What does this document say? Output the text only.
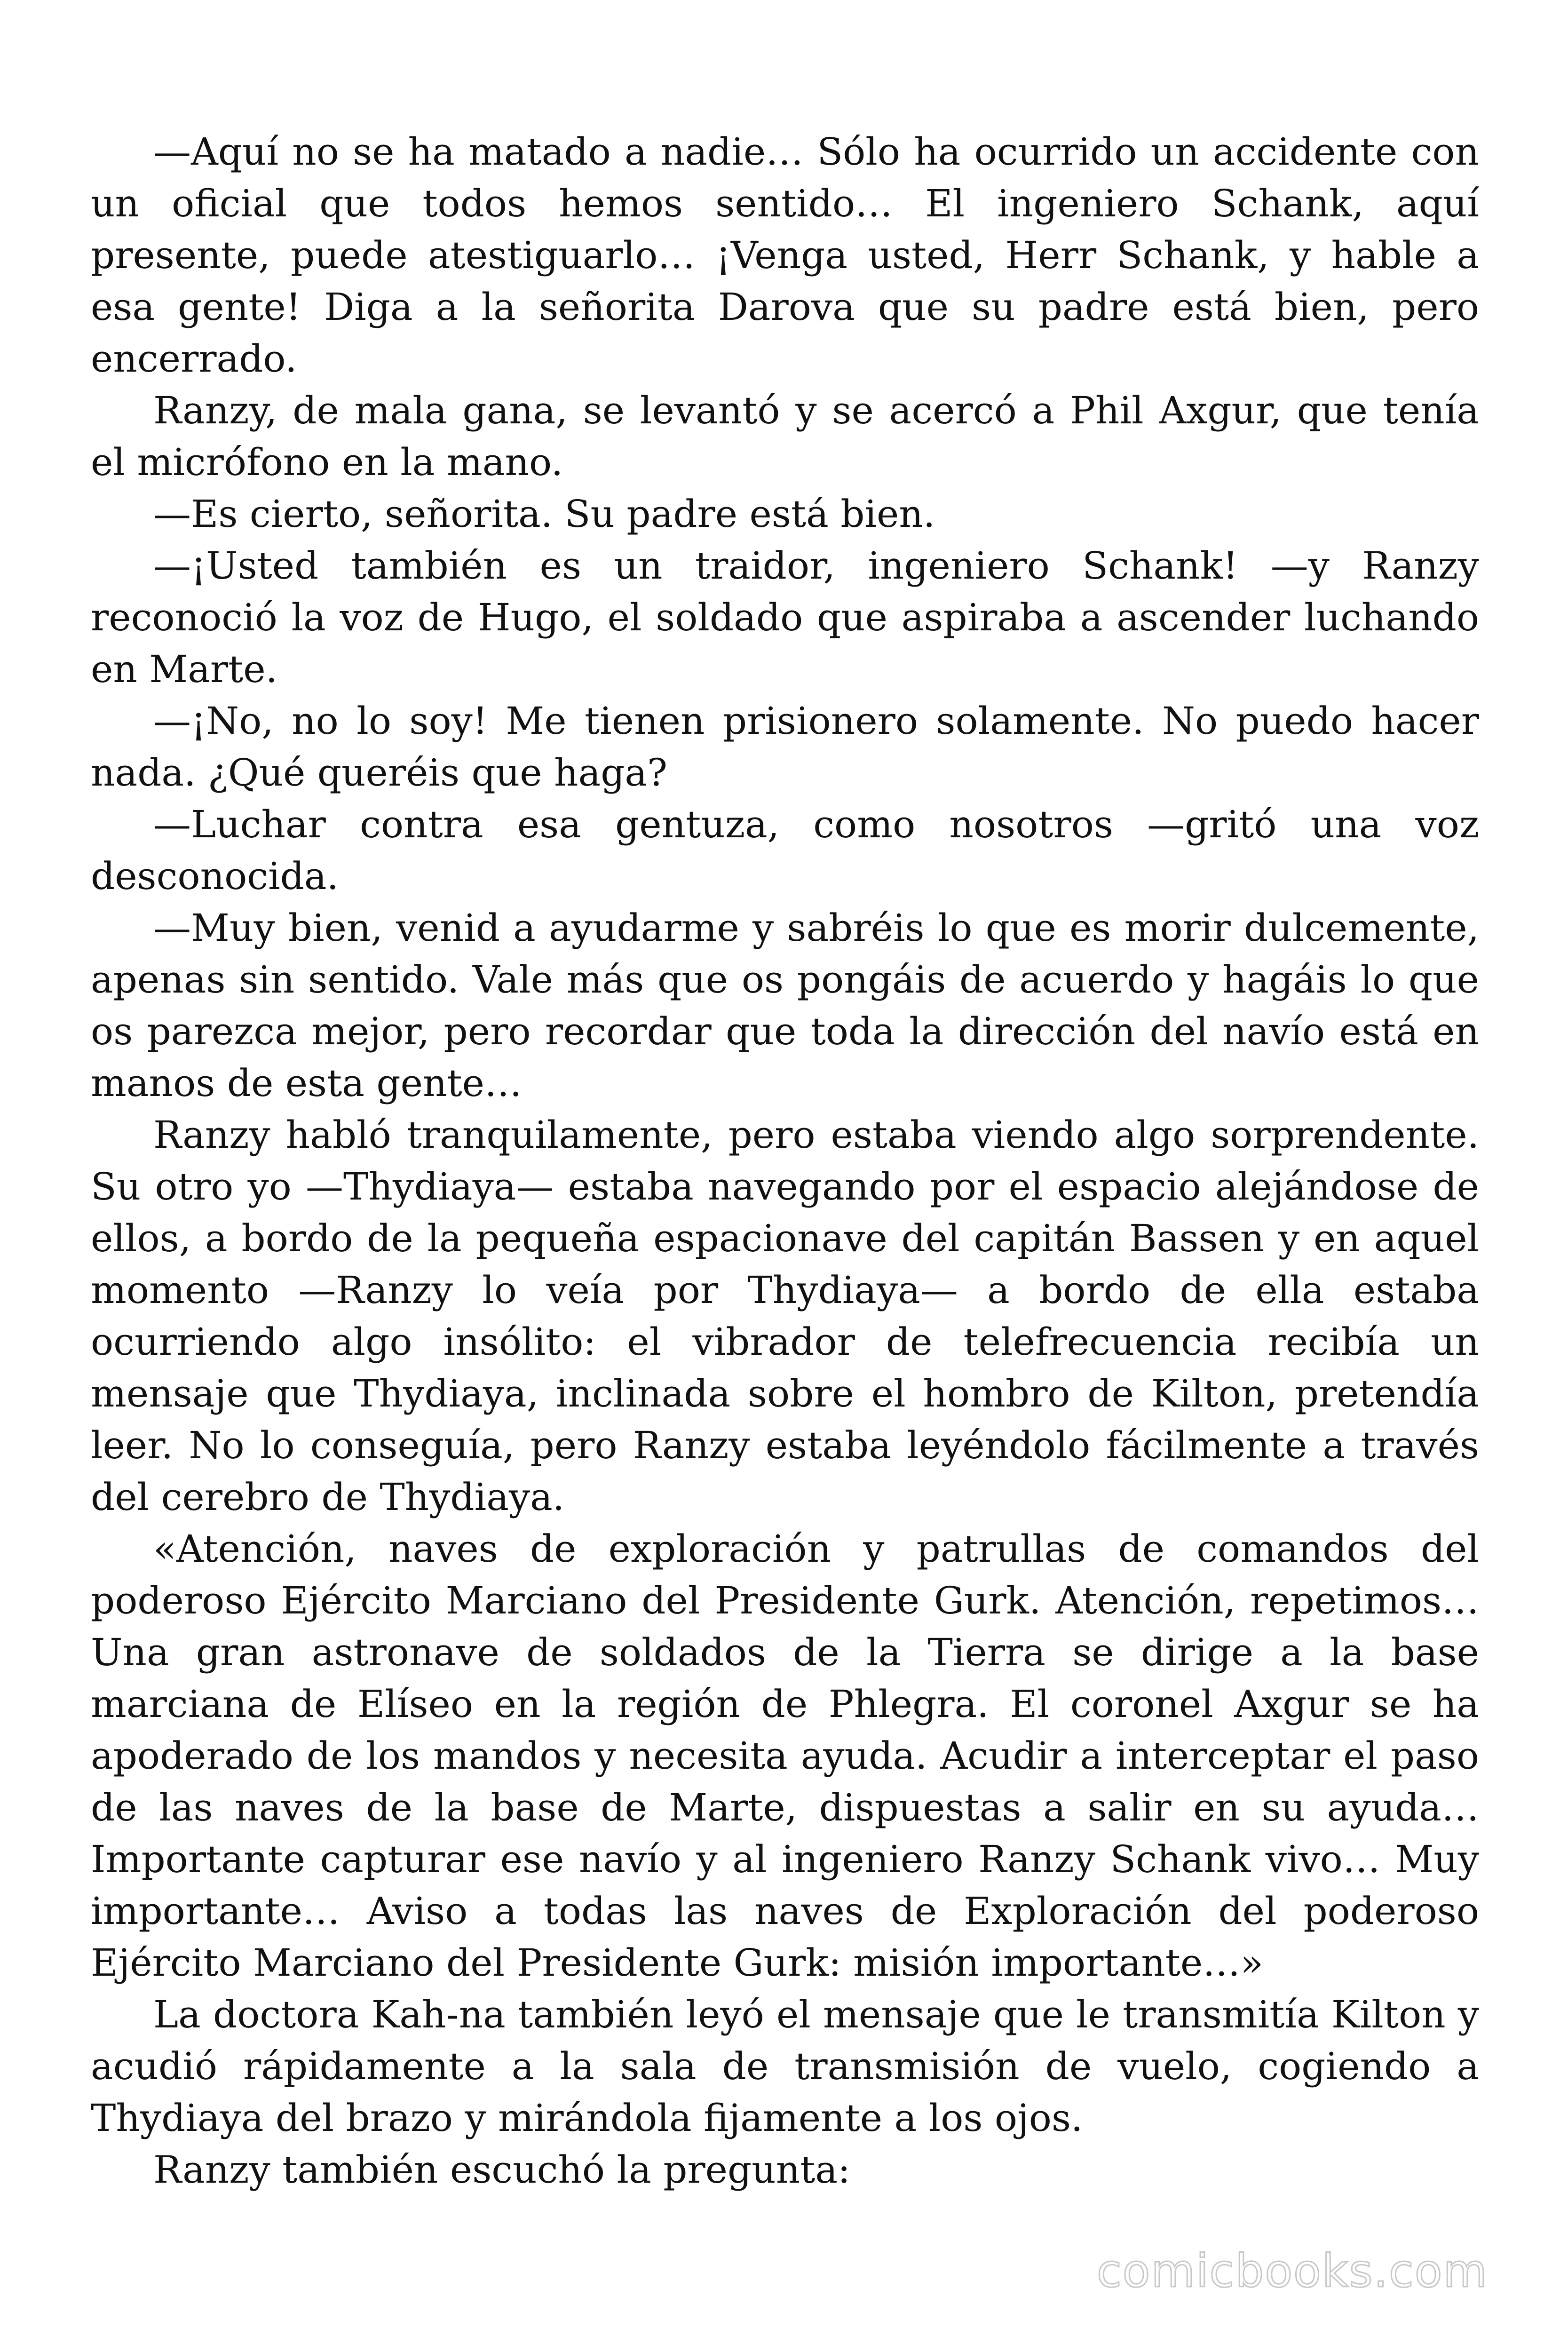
—Aquí no se ha matado a nadie… Sólo ha ocurrido un accidente con un oficial que todos hemos sentido… El ingeniero Schank, aquí presente, puede atestiguarlo… ¡Venga usted, Herr Schank, y hable a esa gente! Diga a la señorita Darova que su padre está bien, pero encerrado.

Ranzy, de mala gana, se levantó y se acercó a Phil Axgur, que tenía el micrófono en la mano.

—Es cierto, señorita. Su padre está bien.

—¡Usted también es un traidor, ingeniero Schank! —y Ranzy reconoció la voz de Hugo, el soldado que aspiraba a ascender luchando en Marte.

—¡No, no lo soy! Me tienen prisionero solamente. No puedo hacer nada. ¿Qué queréis que haga?

—Luchar contra esa gentuza, como nosotros —gritó una voz desconocida.

—Muy bien, venid a ayudarme y sabréis lo que es morir dulcemente, apenas sin sentido. Vale más que os pongáis de acuerdo y hagáis lo que os parezca mejor, pero recordar que toda la dirección del navío está en manos de esta gente…

Ranzy habló tranquilamente, pero estaba viendo algo sorprendente. Su otro yo —Thydiaya— estaba navegando por el espacio alejándose de ellos, a bordo de la pequeña espacionave del capitán Bassen y en aquel momento —Ranzy lo veía por Thydiaya— a bordo de ella estaba ocurriendo algo insólito: el vibrador de telefrecuencia recibía un mensaje que Thydiaya, inclinada sobre el hombro de Kilton, pretendía leer. No lo conseguía, pero Ranzy estaba leyéndolo fácilmente a través del cerebro de Thydiaya.

«Atención, naves de exploración y patrullas de comandos del poderoso Ejército Marciano del Presidente Gurk. Atención, repetimos… Una gran astronave de soldados de la Tierra se dirige a la base marciana de Elíseo en la región de Phlegra. El coronel Axgur se ha apoderado de los mandos y necesita ayuda. Acudir a interceptar el paso de las naves de la base de Marte, dispuestas a salir en su ayuda… Importante capturar ese navío y al ingeniero Ranzy Schank vivo… Muy importante… Aviso a todas las naves de Exploración del poderoso Ejército Marciano del Presidente Gurk: misión importante…»

La doctora Kah-na también leyó el mensaje que le transmitía Kilton y acudió rápidamente a la sala de transmisión de vuelo, cogiendo a Thydiaya del brazo y mirándola fijamente a los ojos.

Ranzy también escuchó la pregunta:

comicbooks.com
